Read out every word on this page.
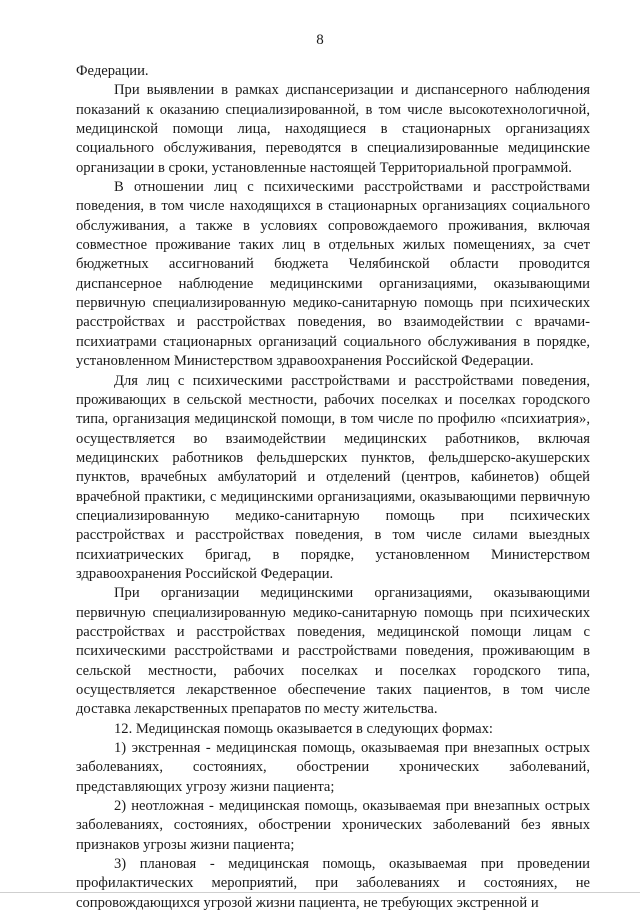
8

Федерации.

При выявлении в рамках диспансеризации и диспансерного наблюдения показаний к оказанию специализированной, в том числе высокотехнологичной, медицинской помощи лица, находящиеся в стационарных организациях социального обслуживания, переводятся в специализированные медицинские организации в сроки, установленные настоящей Территориальной программой.

В отношении лиц с психическими расстройствами и расстройствами поведения, в том числе находящихся в стационарных организациях социального обслуживания, а также в условиях сопровождаемого проживания, включая совместное проживание таких лиц в отдельных жилых помещениях, за счет бюджетных ассигнований бюджета Челябинской области проводится диспансерное наблюдение медицинскими организациями, оказывающими первичную специализированную медико-санитарную помощь при психических расстройствах и расстройствах поведения, во взаимодействии с врачами-психиатрами стационарных организаций социального обслуживания в порядке, установленном Министерством здравоохранения Российской Федерации.

Для лиц с психическими расстройствами и расстройствами поведения, проживающих в сельской местности, рабочих поселках и поселках городского типа, организация медицинской помощи, в том числе по профилю «психиатрия», осуществляется во взаимодействии медицинских работников, включая медицинских работников фельдшерских пунктов, фельдшерско-акушерских пунктов, врачебных амбулаторий и отделений (центров, кабинетов) общей врачебной практики, с медицинскими организациями, оказывающими первичную специализированную медико-санитарную помощь при психических расстройствах и расстройствах поведения, в том числе силами выездных психиатрических бригад, в порядке, установленном Министерством здравоохранения Российской Федерации.

При организации медицинскими организациями, оказывающими первичную специализированную медико-санитарную помощь при психических расстройствах и расстройствах поведения, медицинской помощи лицам с психическими расстройствами и расстройствами поведения, проживающим в сельской местности, рабочих поселках и поселках городского типа, осуществляется лекарственное обеспечение таких пациентов, в том числе доставка лекарственных препаратов по месту жительства.

12. Медицинская помощь оказывается в следующих формах:

1) экстренная - медицинская помощь, оказываемая при внезапных острых заболеваниях, состояниях, обострении хронических заболеваний, представляющих угрозу жизни пациента;

2) неотложная - медицинская помощь, оказываемая при внезапных острых заболеваниях, состояниях, обострении хронических заболеваний без явных признаков угрозы жизни пациента;

3) плановая - медицинская помощь, оказываемая при проведении профилактических мероприятий, при заболеваниях и состояниях, не сопровождающихся угрозой жизни пациента, не требующих экстренной и
